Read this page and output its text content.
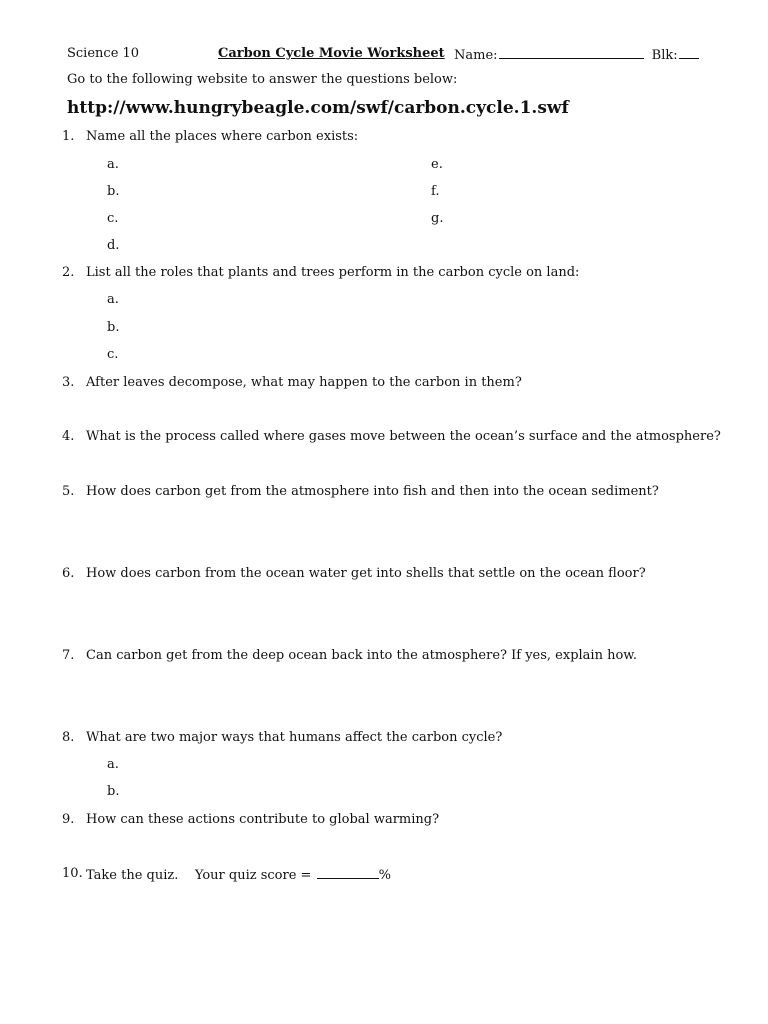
Science 10	Carbon Cycle Movie Worksheet Name:	Blk:
Go to the following website to answer the questions below:
http://www.hungrybeagle.com/swf/carbon.cycle.1.swf
1. Name all the places where carbon exists:
a.
b.
c.
d.
e.
f.
g.
2. List all the roles that plants and trees perform in the carbon cycle on land:
a.
b.
c.
3. After leaves decompose, what may happen to the carbon in them?
4. What is the process called where gases move between the ocean’s surface and the atmosphere?
5. How does carbon get from the atmosphere into fish and then into the ocean sediment?
6. How does carbon from the ocean water get into shells that settle on the ocean floor?
7. Can carbon get from the deep ocean back into the atmosphere? If yes, explain how.
8. What are two major ways that humans affect the carbon cycle?
a.
b.
9. How can these actions contribute to global warming?
10. Take the quiz.    Your quiz score =	%
